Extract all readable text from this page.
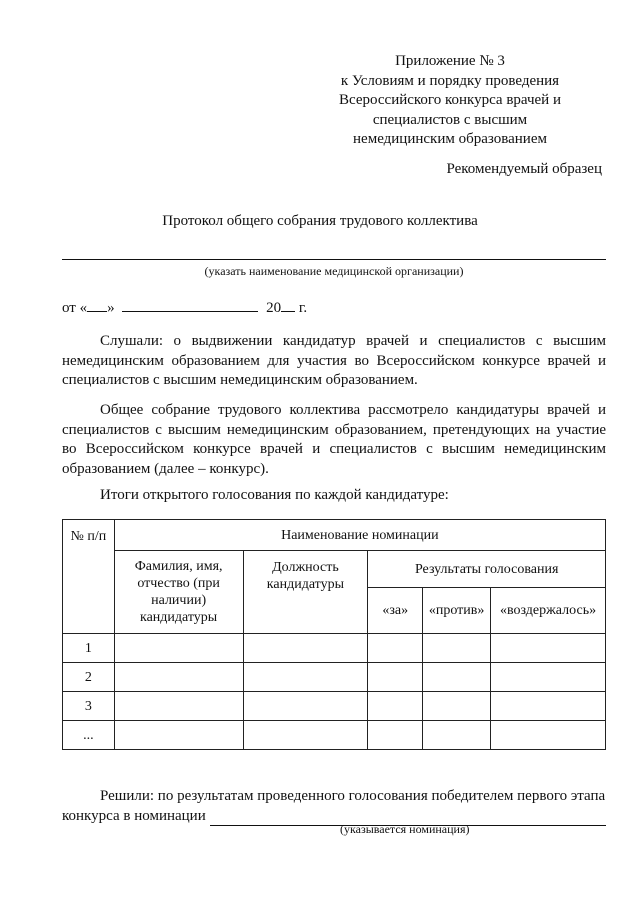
Приложение № 3
к Условиям и порядку проведения
Всероссийского конкурса врачей и
специалистов с высшим
немедицинским образованием
Рекомендуемый образец
Протокол общего собрания трудового коллектива
(указать наименование медицинской организации)
от « »	20 г.
Слушали: о выдвижении кандидатур врачей и специалистов с высшим немедицинским образованием для участия во Всероссийском конкурсе врачей и специалистов с высшим немедицинским образованием.
Общее собрание трудового коллектива рассмотрело кандидатуры врачей и специалистов с высшим немедицинским образованием, претендующих на участие во Всероссийском конкурсе врачей и специалистов с высшим немедицинским образованием (далее – конкурс).
Итоги открытого голосования по каждой кандидатуре:
№ п/п	Наименование номинации				
	Фамилия, имя, отчество (при наличии) кандидатуры	Должность кандидатуры	Результаты голосования		
			«за»	«против»	«воздержалось»
1					
2					
3					
...					
Решили: по результатам проведенного голосования победителем первого этапа
конкурса в номинации
(указывается номинация)
